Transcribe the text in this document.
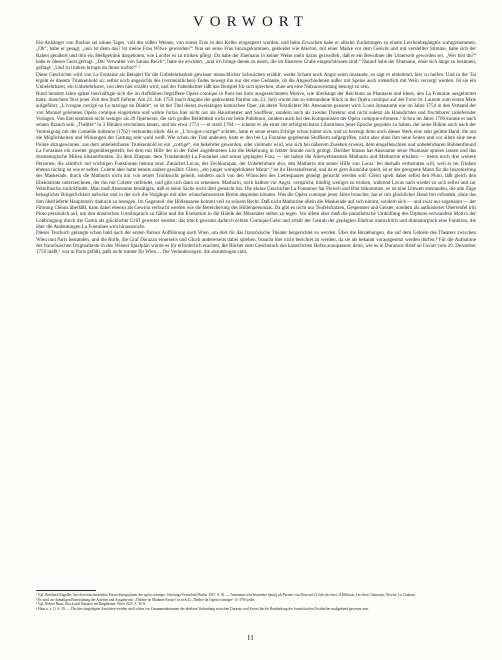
VORWORT

Ein Anhänger von Bachus sei mines Tages, voll des süßen Weines, von seiner Frau in den Keller eingesperrt worden, und beim Erwachen habe er allerlei Zurüstungen zu einem Leichenbegängnis wahrgenommen. „Oh“, habe er gesagt, „nun ist denn das? Ist meine Frau Witwe geworden?“ Nun sei seine Frau hinzugekommen, gekleidet wie Alecton, mit einer Maske vor dem Gesicht und mit verstellter Stimme, habe sich der Raben genähert und ihm ein Heißgetränk dargeboten, wie Lucifer es zu trinken pflegt. Da habe der Ehemann in keiner Weise mehr daran gezweifelt, daß er ein Bewohner der Unterwelt geworden sei. „Wer bist du?“ habe er diesen Geist gefragt. „Der Verwalter von Satans Reich“, habe sie erwidert, „und ich bringe denen zu essen, die im finsteren Grabe eingeschlossen sind.“ Darauf habe der Ehemann, ohne sich lange zu besinnen, gefragt: „Und zu trinken bringst du ihnen nichts?“ ¹

Diese Geschichte wird von La Fontaine als Beispiel für die Unbelehrbarkeit gewisser menschlicher Schwächen erzählt: weder Scham noch Angst seien imstande, so sagt er einleitend, hier zu helfen. Und in der Tat ergeht es diesem Trunkenbold so: selbst noch angesichts des (vermeintlichen) Todes bewegt ihn nur der eine Gedanke, ob die Abgeschiedenen außer mit Speise auch ordentlich mit Wein versorgt werden. Ist sie ein Unbelehrbarer, ein Unbelehrbarer, von dem hier erzählt wird, und der Fabeldichter läßt das Beispiel für sich sprechen, ohne um eine Nutzanwendung besorgt zu sein.

Rund hundert Jahre später beschäftigte sich die im Aufblühen begriffene Opéra comique in Paris bei ihrer ausgezeichneten Motive, wie überhaupt der Reichtum an Phantasie und Ideen, den La Fontaine ausgebreitet hatte, manchem Text jener Zeit den Stoff lieferte. Am 24. Juli 1759 (nach Angabe der gedruckten Partitur am 23. Juli) wurde das so entstandene Stück in der Opéra comique auf der Foire St. Laurent zum ersten Male aufgeführt. „L'ivrogne corrigé ou Le mariage du Diable“, so ist der Titel dieser zweiaktigen komischen Oper, als deren Textdichter Mr. Anseaume genannt wird. Louis Anseaume war im Jahre 1754 in den Verband der von Monnet geleiteten Opéra comique eingetreten und wirkte fortan hier nicht nur als Hausmeister und Souffleur, sondern auch als zweiter Direktor und nicht zuletzt als Hausdichter und fruchtbarer zuliefernder Vorlagen. Von ihm stammen nicht weniger als 29 Opernexte, die sich großer Beliebtheit nicht nur beim Publikum, sondern auch bei den Komponisten der Opéra comique erfreuten.² Schon im Jahre 1766 konnte er nach seinen Brauch sein „Théâtre“ in 3 Bänden erscheinen lassen, und bis etwa 1774 — er starb 1784 — scheint er als einer der erfolgreichsten Librettisten jener Epoche gegolten zu haben, der seine Bühne auch nach der Vereinigung mit der Comédie italienne (1762) verbunden blieb. Als er „L'ivrogne corrigé“ schrieb, hatte er seine ersten Erfolge schon hinter sich, und so bezeugt denn auch dieses Werk eine sehr geübte Hand, die um die Möglichkeiten und Wirkungen der Gattung sehr wohl weiß. Wie schon der Titel andeutet, hatte er den bei La Fontaine gegebenen Stoffkern aufgegriffen, nicht aber ohne ihm neue Seiten und vor allem eine neue Pointe abzugewinnen: aus dem unbelehrbaren Trunkenbold ist ein „corrigé“, ein bekehrter geworden, oder vielmehr wird, wie sich bei näherem Zusehen erweist, dem eingefleischten und unbelehrbaren Bühnenfreund La Fontaines ein zweiter gegenübergestellt, bei dem mit Hilfe der in der Fabel angedeuteten List die Bekehrung in letzter Stunde noch gelingt. Darüber hinaus hat Anseaume seine Phantasie spielen lassen und das dramaturgische Milieu hinzuerfunden. Zu dem Ehepaar, dem Trunkenbold La Fontaines und seiner geplagten Frau, — sie haben die Allerweltsnamen Mathurin und Mathurine erhalten — treten noch drei weitere Personen, die sämtlich mit wichtigen Funktionen betraut sind. Zunächst Lucas, der Zechkumpan, der Unbelehrbare also, den Mathurin mit seiner Hilfe von Lucas’ bei deshalb verheiraten will, weil er im Trinken ebenso tüchtig ist wie er selber. Colette aber hatte bereits andere gewählt: Cléon, „ein junger wohlgebildeter Mann“,³ ist ihr Herzensfreund, und da er gern Komödie spielt, ist er der geeignete Mann für die Inszenierung der Maskerade, durch die Mathurin nicht nur von seiner Trunksucht geheilt, sondern auch von den Wünschen des Liebespaares geneigt gemacht werden soll. Cléon spielt dabei selbst den Pluto, läßt gleich den Ehekontrakt unterzeichnen, der ihn mit Colette verbindet, und gibt sich dann zu erkennen. Mathurin, noch halbtot vor Angst, verspricht, künftig weniger zu trinken, während Lucas nach wieder zu sich selbst und zur Weinflasche zurückfindet. Man muß Anseaume bestätigen, daß er seine Sache nicht übel gemacht hat. Die kleine Geschichte La Fontaines hat Fleisch und Blut bekommen, es ist eine Umwelt entstanden, die alle Züge behaglicher Bürgerlichkeit aufweist und in der sich die Vorgänge mit aller wünschenswerten Breite abspielen können. Was die Opéra comique jener Jahre brauchte, hat er mit glücklicher Hand frei erfunden, ohne das ihm überlieferte Hauptmotiv dadurch zu beengen. Im Gegenteil: die Höllenszene kommt voll zu seinem Recht. Daß nicht Mathurine allein die Maskerade auf sich nimmt, sondern sich — und zwar nur sogenannt — der Führung Cléons überläßt, kann dabei ebenso als Gewinn verbucht werden wie die Bereicherung des Höllenpersonals. Da gibt es nicht nur Teufelsfratzen, Gespenster und Geister, sondern als antikisierter Oberteufel tritt Pluto persönlich auf, um den drastischen Urteilsspruch zu fällen und die Exekution in die Hände der Missetäter selber zu legen. Vor allem aber muß die parodistische Umhüllung des Orpheus-verwandten Motivs der Lobbringung durch die Gattin als glücklicher Griff gewertet werden: das Stück gewinnt dadurch echten Comique-Geist und erhält der Gestalt der geplagten Ehefrau menschlich und dramaturgisch eine Funktion, die über die Andeutungen La Fontaines weit hinausreicht.

Dieses Textbuch gelangte schon bald nach der ersten Pariser Aufführung nach Wien, um dort für das französische Theater hergerichtet zu werden. Über die Beziehungen, die auf dem Gebiete des Theaters zwischen Wien und Paris bestanden, und die Rolle, die Graf Durazzo einerseits und Gluck andererseits dabei spielten, braucht hier nicht berichtet zu werden, da sie als bekannt vorausgesetzt werden dürfen.⁴ Für die Aufnahme der französischen Originaltexte in den Wiener Spielplan wurde es für erforderlich erachtet, die Bücher dem Geschmack des kaiserlichen Hofes anzupassen; denn, wie es in Durazzos Brief an Favart vom 20. Dezember 1759 heißt,⁵ war in Paris gefällt, paßt nicht immer für Wien… Die Veränderungen, die anzubringen sind,

¹ Vgl. Bernhard Engelke, Aus den entscheidenden Entwicklungsjahren der opéra comique. Scherings-Festschrift Berlin 1937, S. 91. — Anseaume tritt besonders häufig als Partner von Duni auf (3 Jahr des letzt. Il Milicien, Les deux Chasseurs, Nicette, Le Cadeau).

² Es wird zur damaligen Bezeichnung der Arietten und Ausgabe mit „Théâtre de Madame Favart“ in sich 2) „Théâtre de l'opéra comique“. S. 379 (seller.

³ Vgl. Robert Haas, Gluck und Durazzo im Burgtheater. Wien 1925. S. 30 ff.

⁴ Haas a. a. O. S. 39. — Die hier dargelegten Ansichten werden auch schon vor Zusammenkommen der direkten Verbindung zwischen Durazzo und Favart für die Bearbeitung der französischen Textbücher maßgebend gewesen sein.

II
